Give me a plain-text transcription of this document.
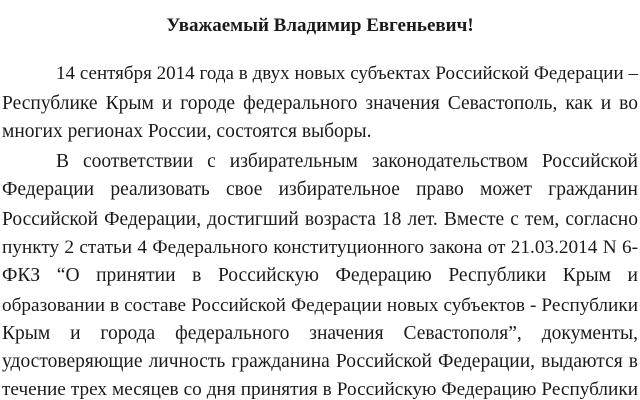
Уважаемый Владимир Евгеньевич!
14 сентября 2014 года в двух новых субъектах Российской Федерации –
Республике Крым и городе федерального значения Севастополь, как и во
многих регионах России, состоятся выборы.
В соответствии с избирательным законодательством Российской
Федерации реализовать свое избирательное право может гражданин
Российской Федерации, достигший возраста 18 лет. Вместе с тем, согласно
пункту 2 статьи 4 Федерального конституционного закона от 21.03.2014 N 6-
ФКЗ “О принятии в Российскую Федерацию Республики Крым и
образовании в составе Российской Федерации новых субъектов - Республики
Крым и города федерального значения Севастополя”, документы,
удостоверяющие личность гражданина Российской Федерации, выдаются в
течение трех месяцев со дня принятия в Российскую Федерацию Республики
